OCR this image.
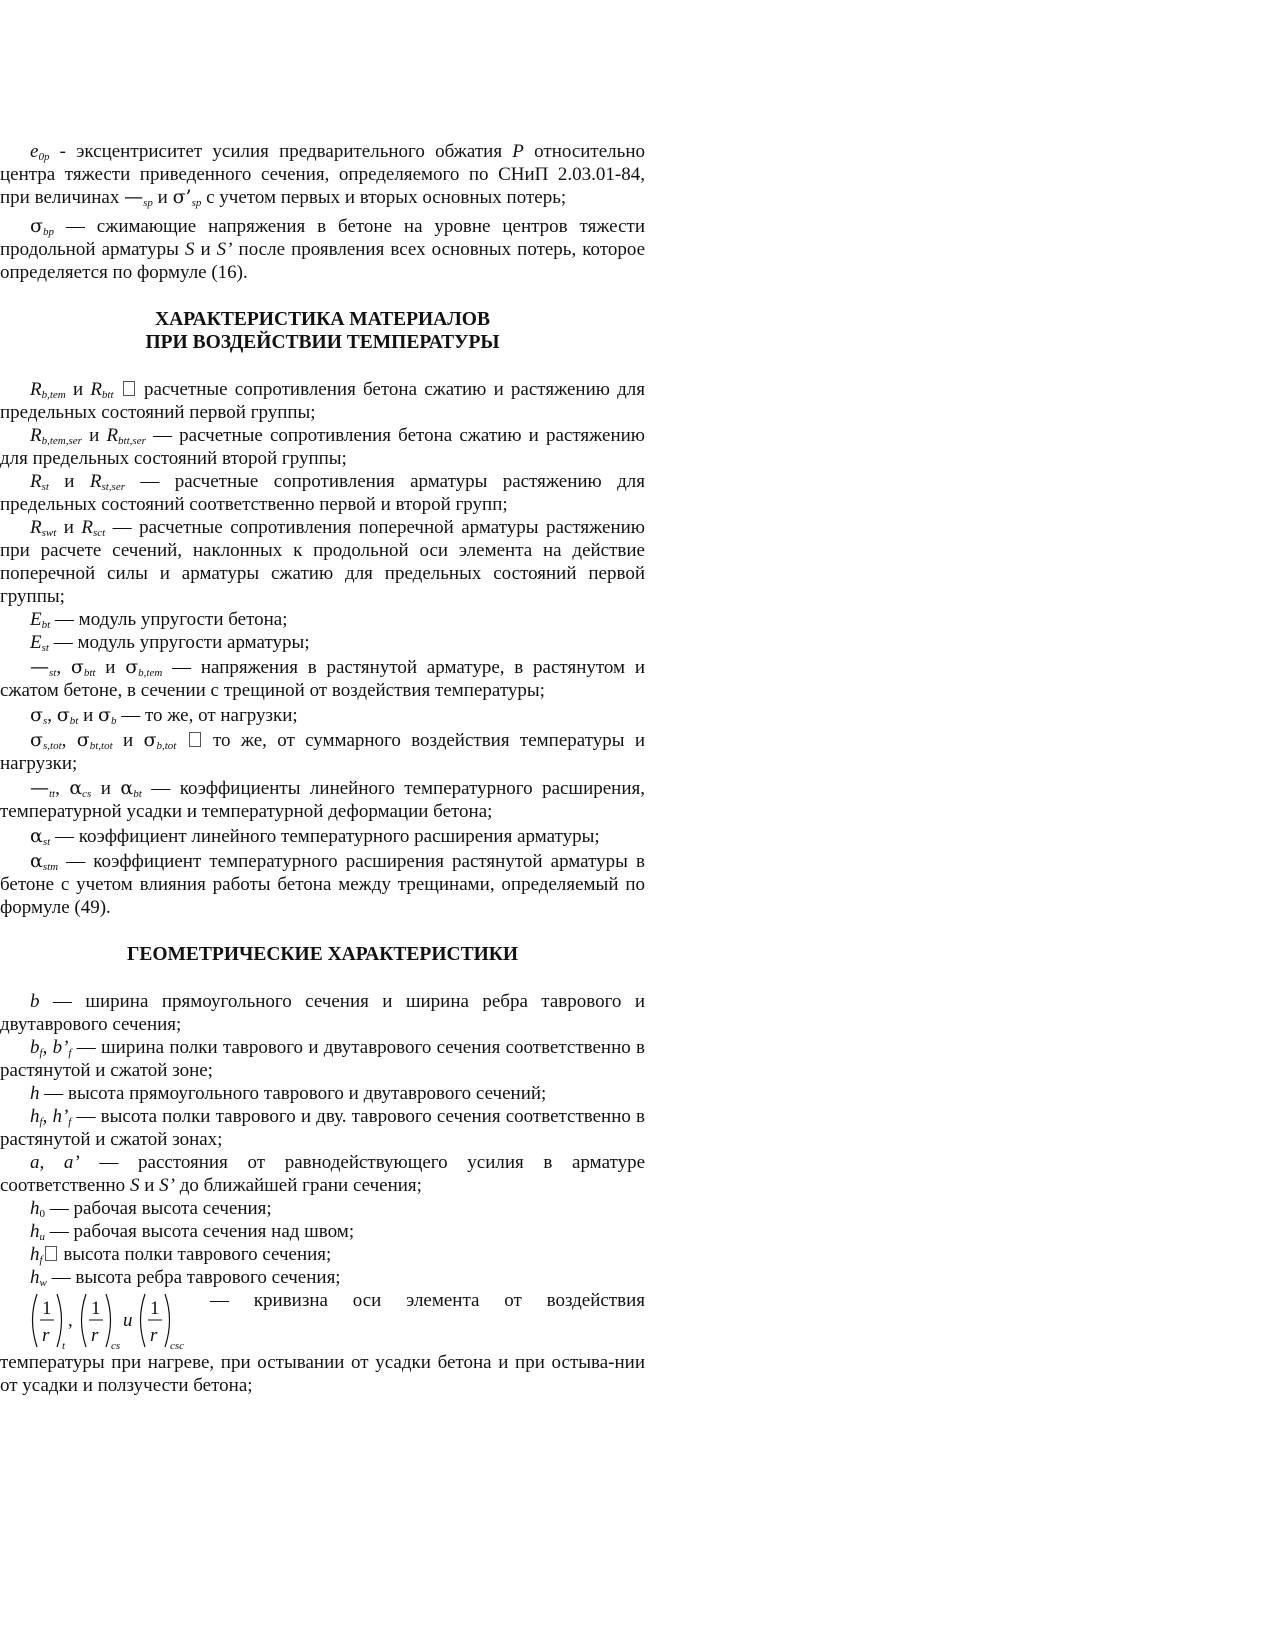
$e_{0p}$ - эксцентриситет усилия предварительного обжатия P относительно центра тяжести приведенного сечения, определяемого по СНиП 2.03.01-84, при величинах $—_{sp}$ и $\sigma’_{sp}$ с учетом первых и вторых основных потерь;

$\sigma_{bp}$ — сжимающие напряжения в бетоне на уровне центров тяжести продольной арматуры S и S’ после проявления всех основных потерь, которое определяется по формуле (16).

ХАРАКТЕРИСТИКА МАТЕРИАЛОВ
ПРИ ВОЗДЕЙСТВИИ ТЕМПЕРАТУРЫ

$R_{b,tem}$ и $R_{btt}$  расчетные сопротивления бетона сжатию и растяжению для предельных состояний первой группы;

$R_{b,tem,ser}$ и $R_{btt,ser}$ — расчетные сопротивления бетона сжатию и растяжению для предельных состояний второй группы;

$R_{st}$ и $R_{st,ser}$ — расчетные сопротивления арматуры растяжению для предельных состояний соответственно первой и второй групп;

$R_{swt}$ и $R_{sct}$ — расчетные сопротивления поперечной арматуры растяжению при расчете сечений, наклонных к продольной оси элемента на действие поперечной силы и арматуры сжатию для предельных состояний первой группы;

$E_{bt}$ — модуль упругости бетона;

$E_{st}$ — модуль упругости арматуры;

$—_{st}$, $\sigma_{btt}$ и $\sigma_{b,tem}$ — напряжения в растянутой арматуре, в растянутом и сжатом бетоне, в сечении с трещиной от воздействия температуры;

$\sigma_s$, $\sigma_{bt}$ и $\sigma_b$ — то же, от нагрузки;

$\sigma_{s,tot}$, $\sigma_{bt,tot}$ и $\sigma_{b,tot}$  то же, от суммарного воздействия температуры и нагрузки;

$—_{tt}$, $\alpha_{cs}$ и $\alpha_{bt}$ — коэффициенты линейного температурного расширения, температурной усадки и температурной деформации бетона;

$\alpha_{st}$ — коэффициент линейного температурного расширения арматуры;

$\alpha_{stm}$ — коэффициент температурного расширения растянутой арматуры в бетоне с учетом влияния работы бетона между трещинами, определяемый по формуле (49).

ГЕОМЕТРИЧЕСКИЕ ХАРАКТЕРИСТИКИ

b — ширина прямоугольного сечения и ширина ребра таврового и двутаврового сечения;

$b_f$, $b’_f$ — ширина полки таврового и двутаврового сечения соответственно в растянутой и сжатой зоне;

h — высота прямоугольного таврового и двутаврового сечений;

$h_f$, $h’_f$ — высота полки таврового и дву. таврового сечения соответственно в растянутой и сжатой зонах;

a, a’ — расстояния от равнодействующего усилия в арматуре соответственно S и S’ до ближайшей грани сечения;

$h_0$ — рабочая высота сечения;

$h_u$ — рабочая высота сечения над швом;

$h_f$ высота полки таврового сечения;

$h_w$ — высота ребра таврового сечения;

1
r t
,
1
r cs
и
1
r csc
— кривизна оси элемента от воздействия

температуры при нагреве, при остывании от усадки бетона и при остыва-нии от усадки и ползучести бетона;
